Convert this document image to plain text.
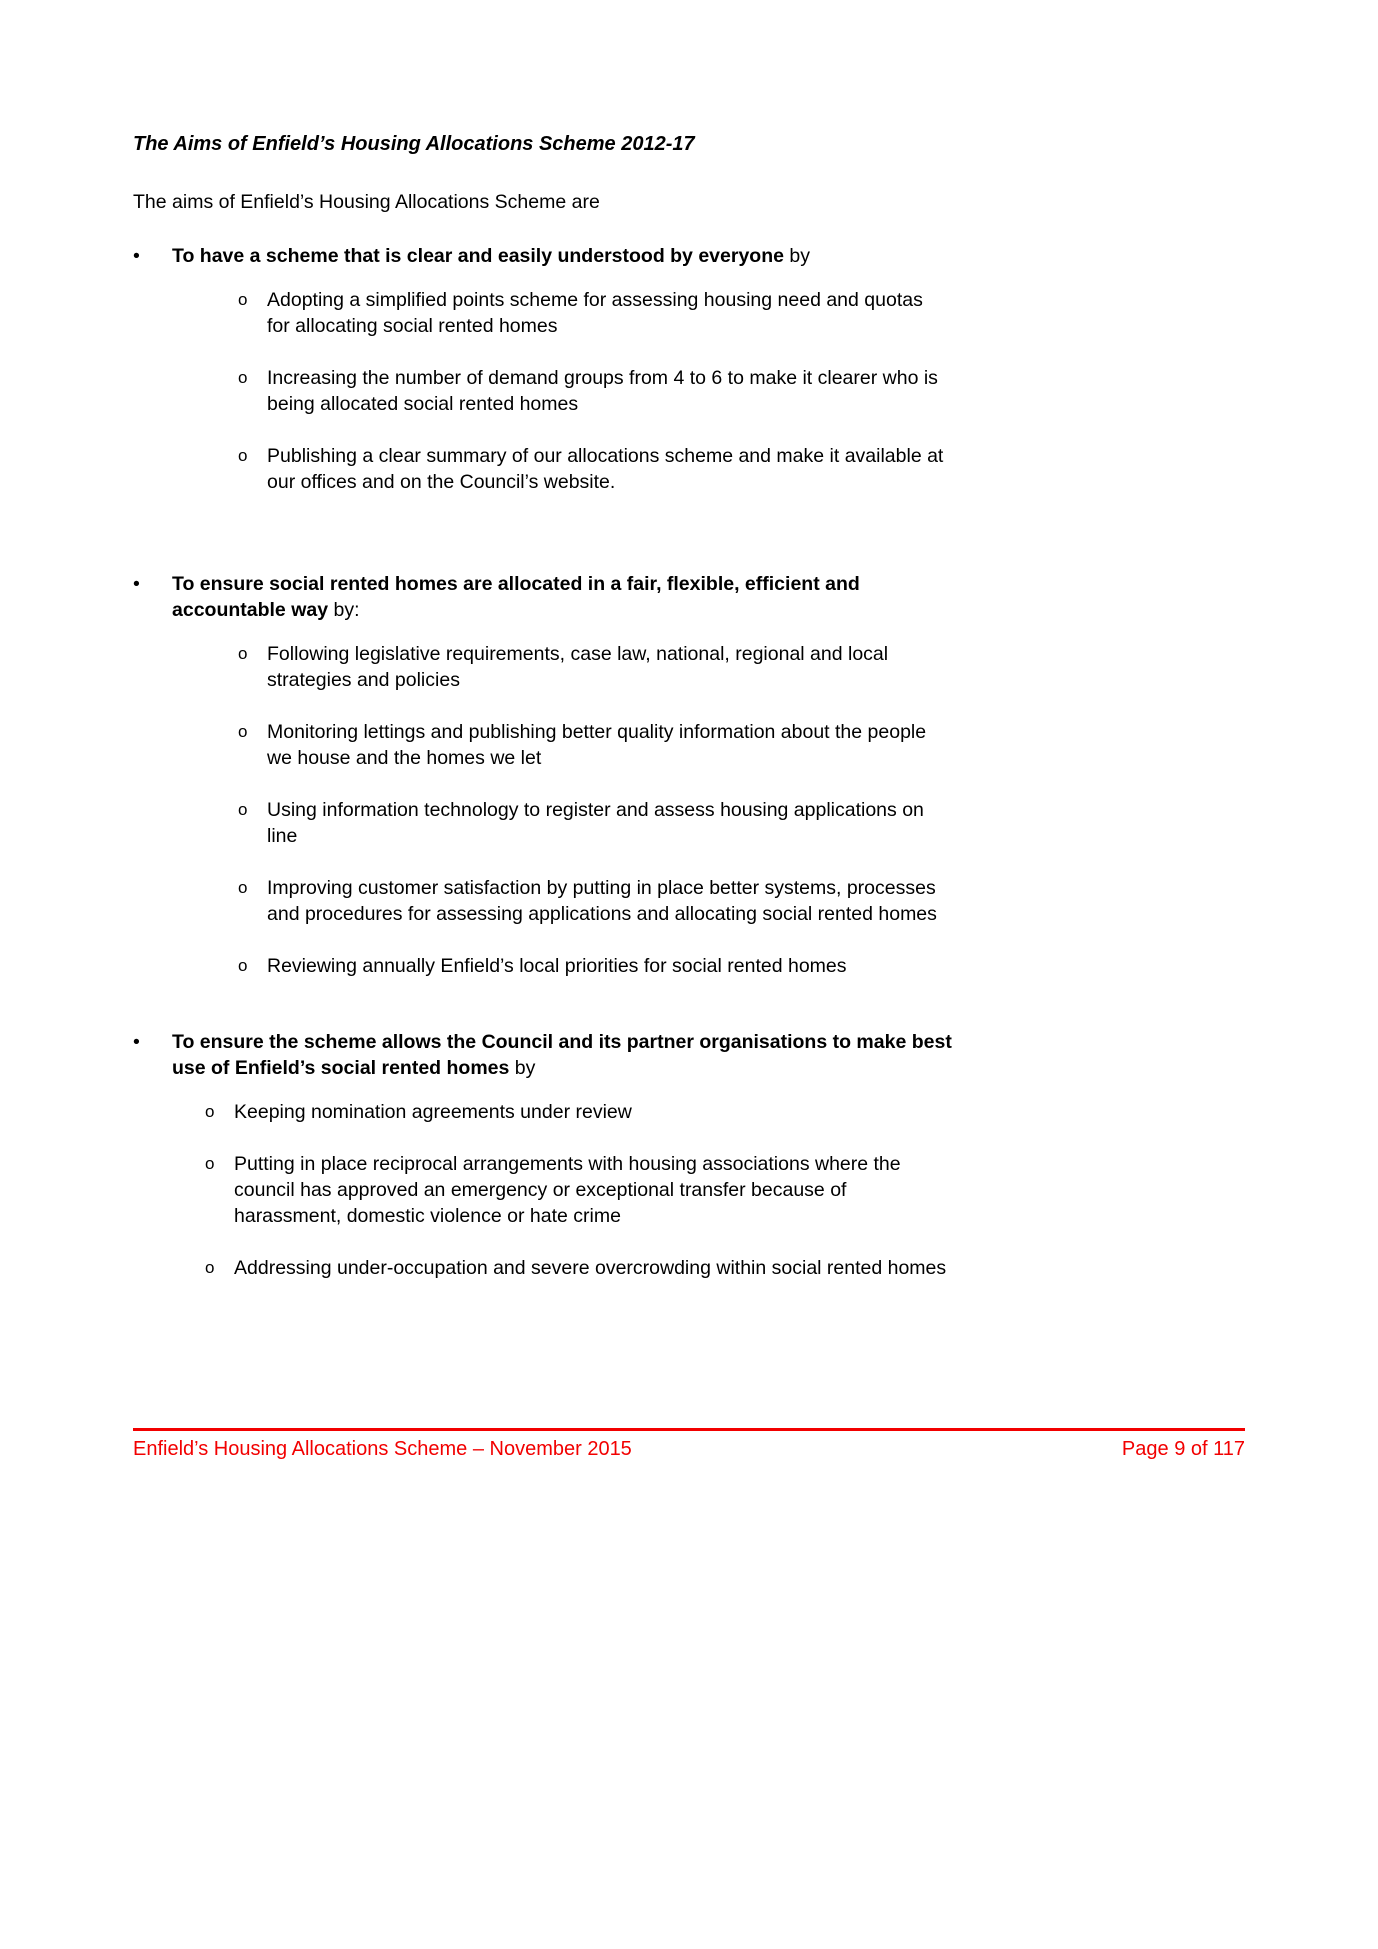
The Aims of Enfield’s Housing Allocations Scheme 2012-17

The aims of Enfield’s Housing Allocations Scheme are

•	To have a scheme that is clear and easily understood by everyone by
o	Adopting a simplified points scheme for assessing housing need and quotas for allocating social rented homes
o	Increasing the number of demand groups from 4 to 6 to make it clearer who is being allocated social rented homes
o	Publishing a clear summary of our allocations scheme and make it available at our offices and on the Council’s website.
•	To ensure social rented homes are allocated in a fair, flexible, efficient and accountable way by:
o	Following legislative requirements, case law, national, regional and local strategies and policies
o	Monitoring lettings and publishing better quality information about the people we house and the homes we let
o	Using information technology to register and assess housing applications on line
o	Improving customer satisfaction by putting in place better systems, processes and procedures for assessing applications and allocating social rented homes
o	Reviewing annually Enfield’s local priorities for social rented homes
•	To ensure the scheme allows the Council and its partner organisations to make best use of Enfield’s social rented homes by
o	Keeping nomination agreements under review
o	Putting in place reciprocal arrangements with housing associations where the council has approved an emergency or exceptional transfer because of harassment, domestic violence or hate crime
o	Addressing under-occupation and severe overcrowding within social rented homes
Enfield’s Housing Allocations Scheme – November 2015	Page 9 of 117
